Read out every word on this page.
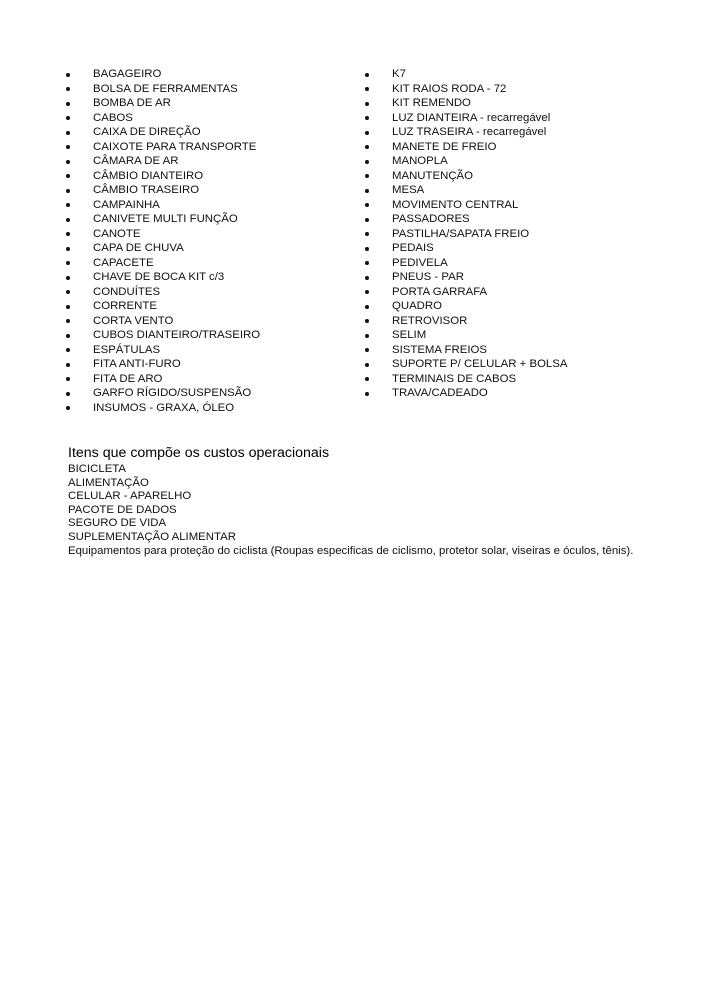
BAGAGEIRO
BOLSA DE FERRAMENTAS
BOMBA DE AR
CABOS
CAIXA DE DIREÇÃO
CAIXOTE PARA TRANSPORTE
CÂMARA DE AR
CÂMBIO DIANTEIRO
CÂMBIO TRASEIRO
CAMPAINHA
CANIVETE MULTI FUNÇÃO
CANOTE
CAPA DE CHUVA
CAPACETE
CHAVE DE BOCA KIT c/3
CONDUÍTES
CORRENTE
CORTA VENTO
CUBOS DIANTEIRO/TRASEIRO
ESPÁTULAS
FITA ANTI-FURO
FITA DE ARO
GARFO RÍGIDO/SUSPENSÃO
INSUMOS - GRAXA, ÓLEO
K7
KIT RAIOS RODA - 72
KIT REMENDO
LUZ DIANTEIRA - recarregável
LUZ TRASEIRA - recarregável
MANETE DE FREIO
MANOPLA
MANUTENÇÃO
MESA
MOVIMENTO CENTRAL
PASSADORES
PASTILHA/SAPATA FREIO
PEDAIS
PEDIVELA
PNEUS - PAR
PORTA GARRAFA
QUADRO
RETROVISOR
SELIM
SISTEMA FREIOS
SUPORTE P/ CELULAR + BOLSA
TERMINAIS DE CABOS
TRAVA/CADEADO
Itens que compõe os custos operacionais
BICICLETA
ALIMENTAÇÃO
CELULAR - APARELHO
PACOTE DE DADOS
SEGURO DE VIDA
SUPLEMENTAÇÃO ALIMENTAR
Equipamentos para proteção do ciclista (Roupas especificas de ciclismo, protetor solar, viseiras e óculos, tênis).
